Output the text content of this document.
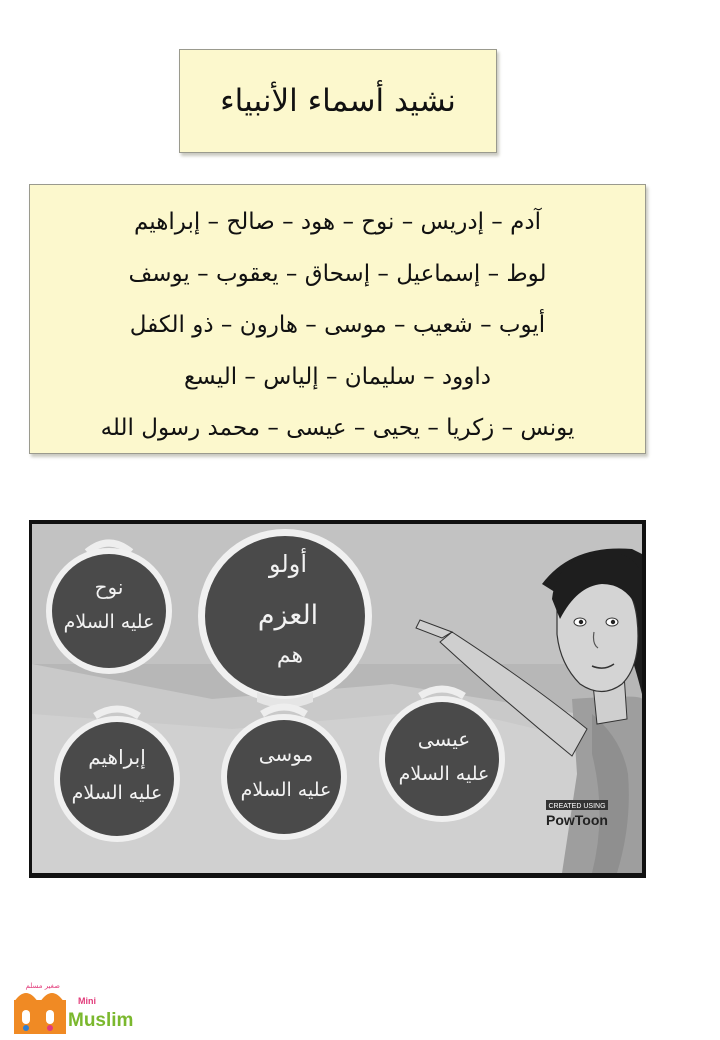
نشيد أسماء الأنبياء
آدم – إدريس – نوح – هود – صالح – إبراهيم
لوط – إسماعيل – إسحاق – يعقوب – يوسف
أيوب – شعيب – موسى – هارون – ذو الكفل
داوود – سليمان – إلياس – اليسع
يونس – زكريا – يحيى – عيسى – محمد رسول الله
نوح
عليه السلام
أولو
العزم
هم
إبراهيم
عليه السلام
موسى
عليه السلام
عيسى
عليه السلام
CREATED USING
PowToon
صغير مسلم
Mini
Muslim
